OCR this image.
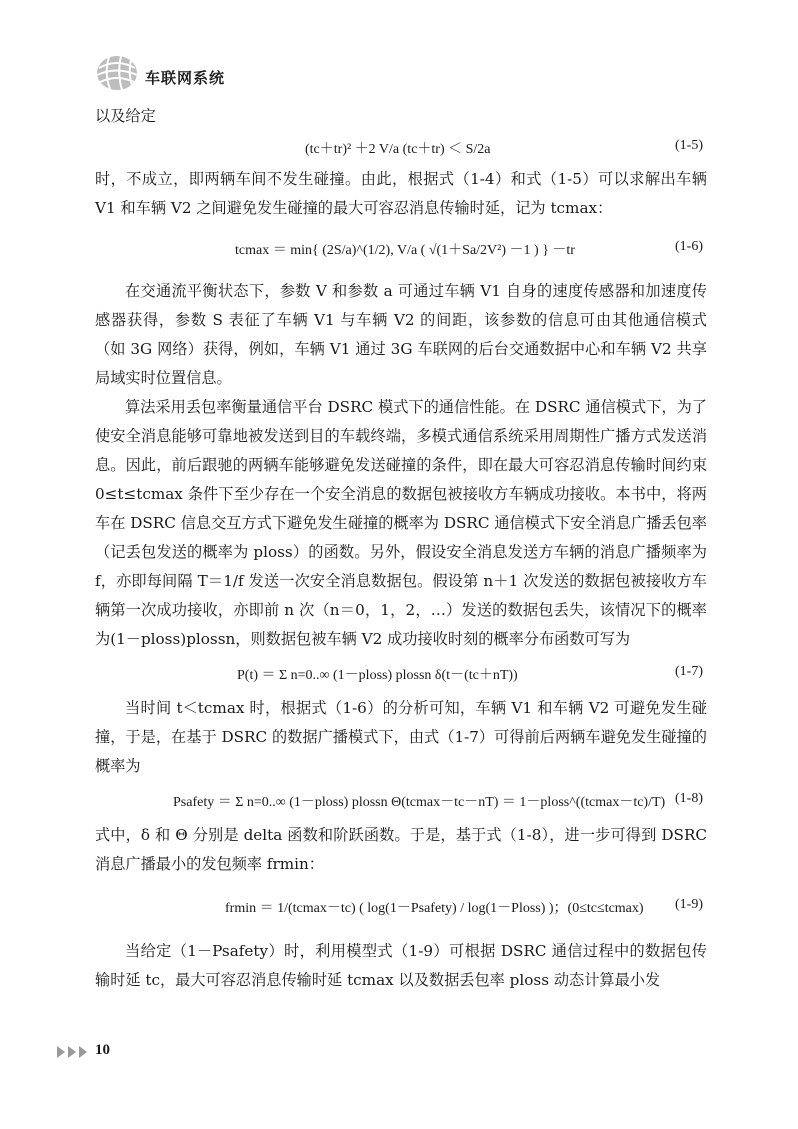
车联网系统

以及给定

(tc＋tr)² ＋2 V/a (tc＋tr) ＜ S/2a	(1-5)

时，不成立，即两辆车间不发生碰撞。由此，根据式（1-4）和式（1-5）可以求解出车辆 V1 和车辆 V2 之间避免发生碰撞的最大可容忍消息传输时延，记为 tcmax：

tcmax ＝ min{ (2S/a)^(1/2), V/a ( √(1＋Sa/2V²) －1 ) } －tr	(1-6)

在交通流平衡状态下，参数 V 和参数 a 可通过车辆 V1 自身的速度传感器和加速度传感器获得，参数 S 表征了车辆 V1 与车辆 V2 的间距，该参数的信息可由其他通信模式（如 3G 网络）获得，例如，车辆 V1 通过 3G 车联网的后台交通数据中心和车辆 V2 共享局域实时位置信息。

算法采用丢包率衡量通信平台 DSRC 模式下的通信性能。在 DSRC 通信模式下，为了使安全消息能够可靠地被发送到目的车载终端，多模式通信系统采用周期性广播方式发送消息。因此，前后跟驰的两辆车能够避免发送碰撞的条件，即在最大可容忍消息传输时间约束 0≤t≤tcmax 条件下至少存在一个安全消息的数据包被接收方车辆成功接收。本书中，将两车在 DSRC 信息交互方式下避免发生碰撞的概率为 DSRC 通信模式下安全消息广播丢包率（记丢包发送的概率为 ploss）的函数。另外，假设安全消息发送方车辆的消息广播频率为 f，亦即每间隔 T＝1/f 发送一次安全消息数据包。假设第 n＋1 次发送的数据包被接收方车辆第一次成功接收，亦即前 n 次（n＝0，1，2，…）发送的数据包丢失，该情况下的概率为(1－ploss)plossn，则数据包被车辆 V2 成功接收时刻的概率分布函数可写为

P(t) ＝ Σ n=0..∞ (1－ploss) plossn δ(t－(tc＋nT))	(1-7)

当时间 t＜tcmax 时，根据式（1-6）的分析可知，车辆 V1 和车辆 V2 可避免发生碰撞，于是，在基于 DSRC 的数据广播模式下，由式（1-7）可得前后两辆车避免发生碰撞的概率为

Psafety ＝ Σ n=0..∞ (1－ploss) plossn Θ(tcmax－tc－nT) ＝ 1－ploss^((tcmax－tc)/T) (1-8)

式中，δ 和 Θ 分别是 delta 函数和阶跃函数。于是，基于式（1-8），进一步可得到 DSRC 消息广播最小的发包频率 frmin：

frmin ＝ 1/(tcmax－tc) ( log(1－Psafety) / log(1－Ploss) )；(0≤tc≤tcmax) (1-9)

当给定（1－Psafety）时，利用模型式（1-9）可根据 DSRC 通信过程中的数据包传输时延 tc，最大可容忍消息传输时延 tcmax 以及数据丢包率 ploss 动态计算最小发

10
